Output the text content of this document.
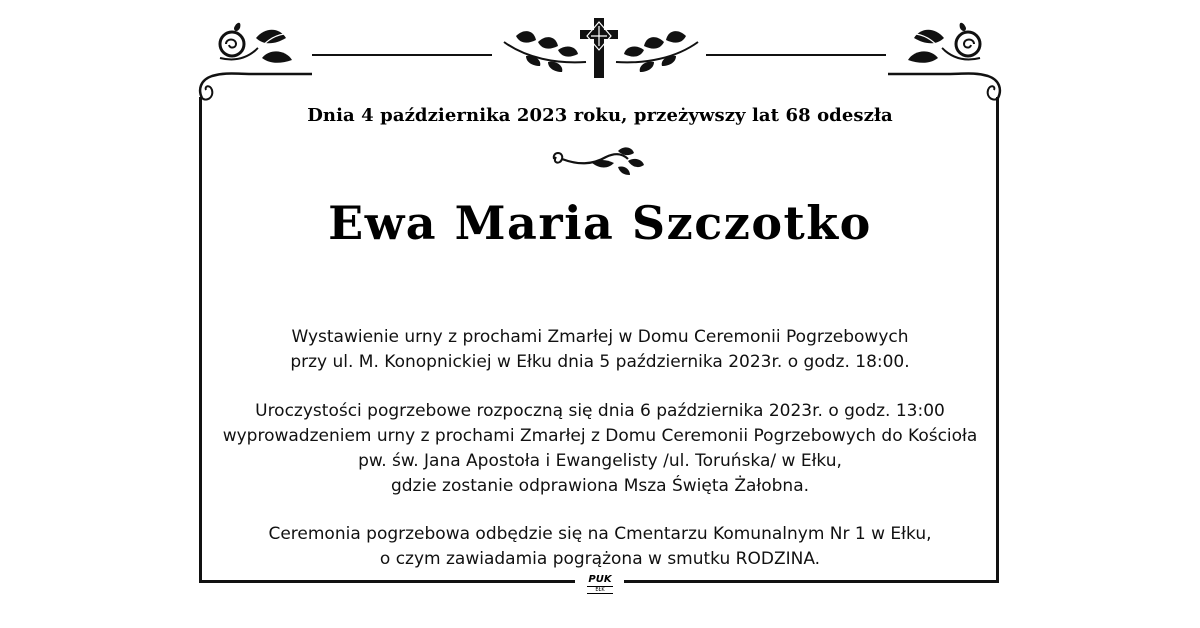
Dnia 4 października 2023 roku, przeżywszy lat 68 odeszła
Ewa Maria Szczotko
Wystawienie urny z prochami Zmarłej w Domu Ceremonii Pogrzebowych
przy ul. M. Konopnickiej w Ełku dnia 5 października 2023r. o godz. 18:00.
Uroczystości pogrzebowe rozpoczną się dnia 6 października 2023r. o godz. 13:00
wyprowadzeniem urny z prochami Zmarłej z Domu Ceremonii Pogrzebowych do Kościoła
pw. św. Jana Apostoła i Ewangelisty /ul. Toruńska/ w Ełku,
gdzie zostanie odprawiona Msza Święta Żałobna.
Ceremonia pogrzebowa odbędzie się na Cmentarzu Komunalnym Nr 1 w Ełku,
o czym zawiadamia pogrążona w smutku RODZINA.
PUK
EŁK
